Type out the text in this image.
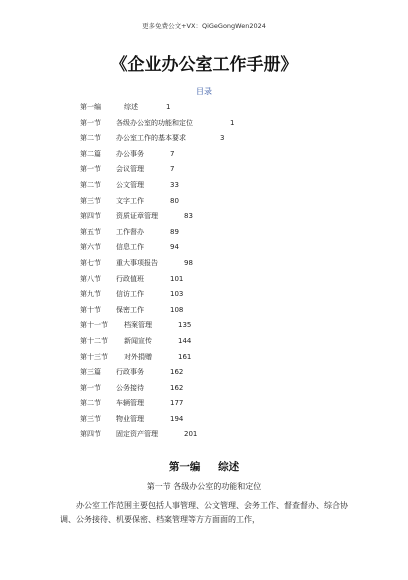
更多免费公文+VX：QiGeGongWen2024
《企业办公室工作手册》
目录
第一编	综述	1
第一节 各级办公室的功能和定位	1
第二节 办公室工作的基本要求	3
第二篇 办公事务	7
第一节 会议管理	7
第二节 公文管理	33
第三节 文字工作	80
第四节 资质证章管理	83
第五节 工作督办	89
第六节 信息工作	94
第七节 重大事项报告	98
第八节 行政值班	101
第九节 信访工作	103
第十节 保密工作	108
第十一节 档案管理	135
第十二节 新闻宣传	144
第十三节 对外捐赠	161
第三篇 行政事务	162
第一节 公务接待	162
第二节 车辆管理	177
第三节 物业管理	194
第四节 固定资产管理	201
第一编 综述
第一节 各级办公室的功能和定位
办公室工作范围主要包括人事管理、公文管理、会务工作、督查督办、综合协调、公务接待、机要保密、档案管理等方方面面的工作，
